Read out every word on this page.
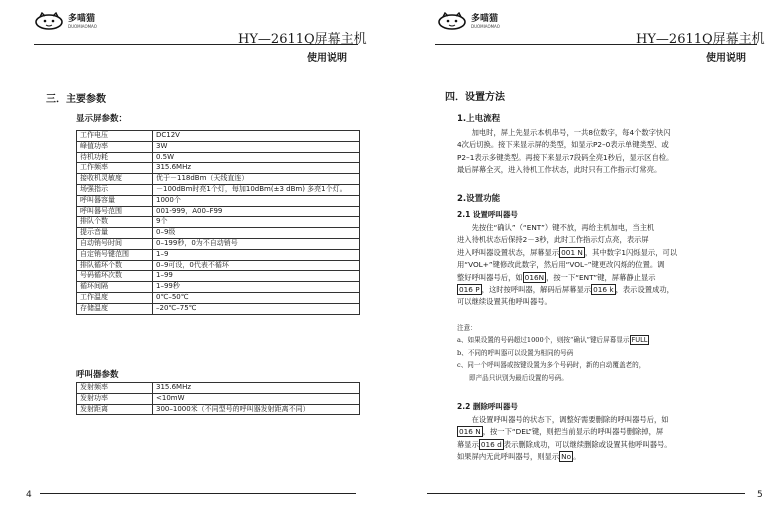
多喵猫
DUOMIAOMAO
HY—2611Q屏幕主机
使用说明
三．主要参数
显示屏参数：
工作电压	DC12V
峰值功率	3W
待机功耗	0.5W
工作频率	315.6MHz
接收机灵敏度	优于－118dBm（天线直连）
场强指示	－100dBm时亮1个灯，每加10dBm(±3 dBm) 多亮1个灯。
呼叫器容量	1000个
呼叫器号范围	001-999，A00–F99
排队个数	9个
提示音量	0–9级
自动销号时间	0–199秒，0为不自动销号
自定销号键范围	1–9
排队循环个数	0–9可设，0代表不循环
号码循环次数	1–99
循环间隔	1–99秒
工作温度	0℃–50℃
存储温度	–20℃–75℃
呼叫器参数
发射频率	315.6MHz
发射功率	<10mW
发射距离	300–1000米（不同型号的呼叫器发射距离不同）
4
多喵猫
DUOMIAOMAO
HY—2611Q屏幕主机
使用说明
四．设置方法
1.上电流程
加电时，屏上先显示本机串号，一共8位数字，每4个数字快闪
4次后切换。接下来显示屏的类型，如显示P2–0表示单键类型、或
P2–1表示多键类型。再接下来显示7段码全亮1秒后，显示区自检。
最后屏幕全灭，进入待机工作状态，此时只有工作指示灯常亮。
2.设置功能
2.1 设置呼叫器号
先按住“确认”（“ENT”）键不放，再给主机加电，当主机
进入待机状态后保持2－3秒，此时工作指示灯点亮，表示屏
进入呼叫器设置状态，屏幕显示 001 N ，其中数字1闪烁显示，可以
用“VOL+”键修改此数字，然后用“VOL–”键更改闪烁的位置。调
整好呼叫器号后，如 016N ，按一下“ENT”键，屏幕静止显示
016 P ，这时按呼叫器，解码后屏幕显示 016 k ，表示设置成功，
可以继续设置其他呼叫器号。
注意：
a、如果设置的号码超过1000个，则按“确认”键后屏幕显示 FULL
b、不同的呼叫器可以设置为相同的号码
c、同一个呼叫器或按键设置为多个号码时，新的自动覆盖老的，
即产品只识别为最后设置的号码。
2.2 删除呼叫器号
在设置呼叫器号的状态下，调整好需要删除的呼叫器号后，如
016 N ，按一下“DEL”键，则把当前显示的呼叫器号删除掉，屏
幕显示 016 d 表示删除成功，可以继续删除或设置其他呼叫器号。
如果屏内无此呼叫器号，则显示 No 。
5
